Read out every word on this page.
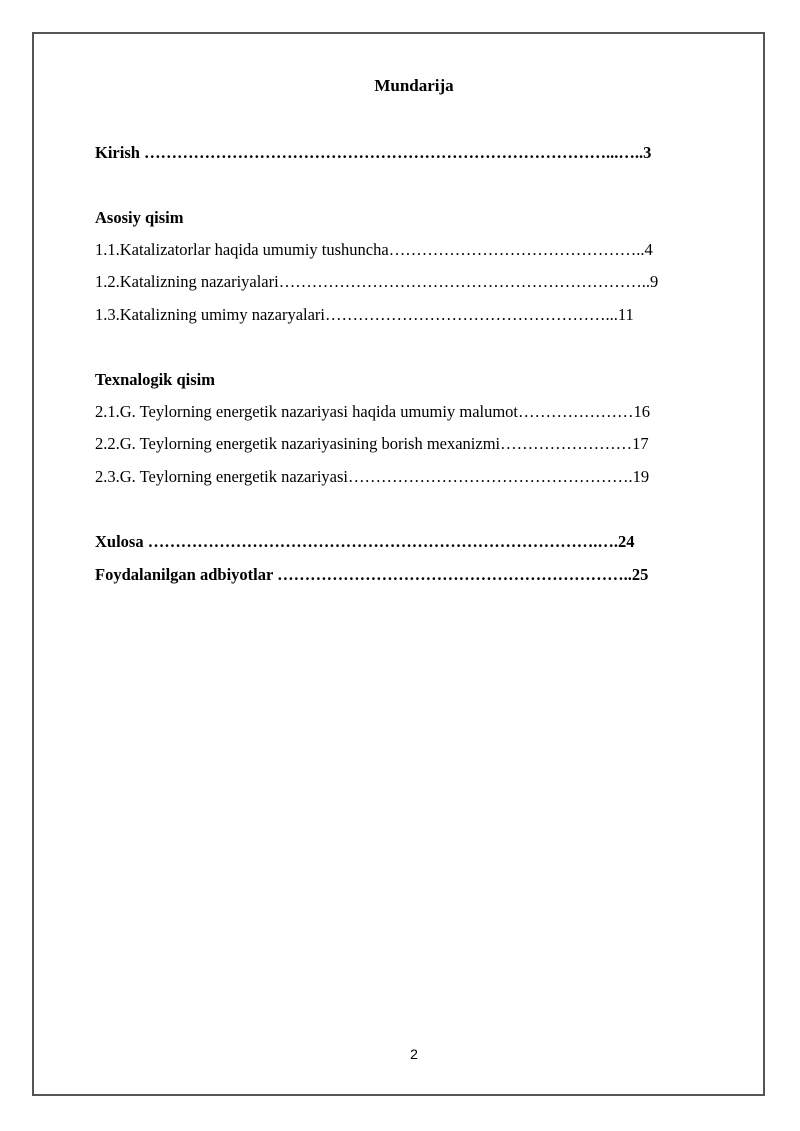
Mundarija
Kirish …………………………………………………………………………...…..3
Asosiy qisim
1.1.Katalizatorlar haqida umumiy tushuncha………………………………………..4
1.2.Katalizning nazariyalari…………………………………………………………..9
1.3.Katalizning umimy nazaryalari……………………………………………...11
Texnalogik qisim
2.1.G. Teylorning energetik nazariyasi haqida umumiy malumot…………………16
2.2.G. Teylorning energetik nazariyasining borish mexanizmi……………………17
2.3.G. Teylorning energetik nazariyasi…………………………………………….19
Xulosa ……………………………………………………………………….….24
Foydalanilgan adbiyotlar ………………………………………………………..25
2
